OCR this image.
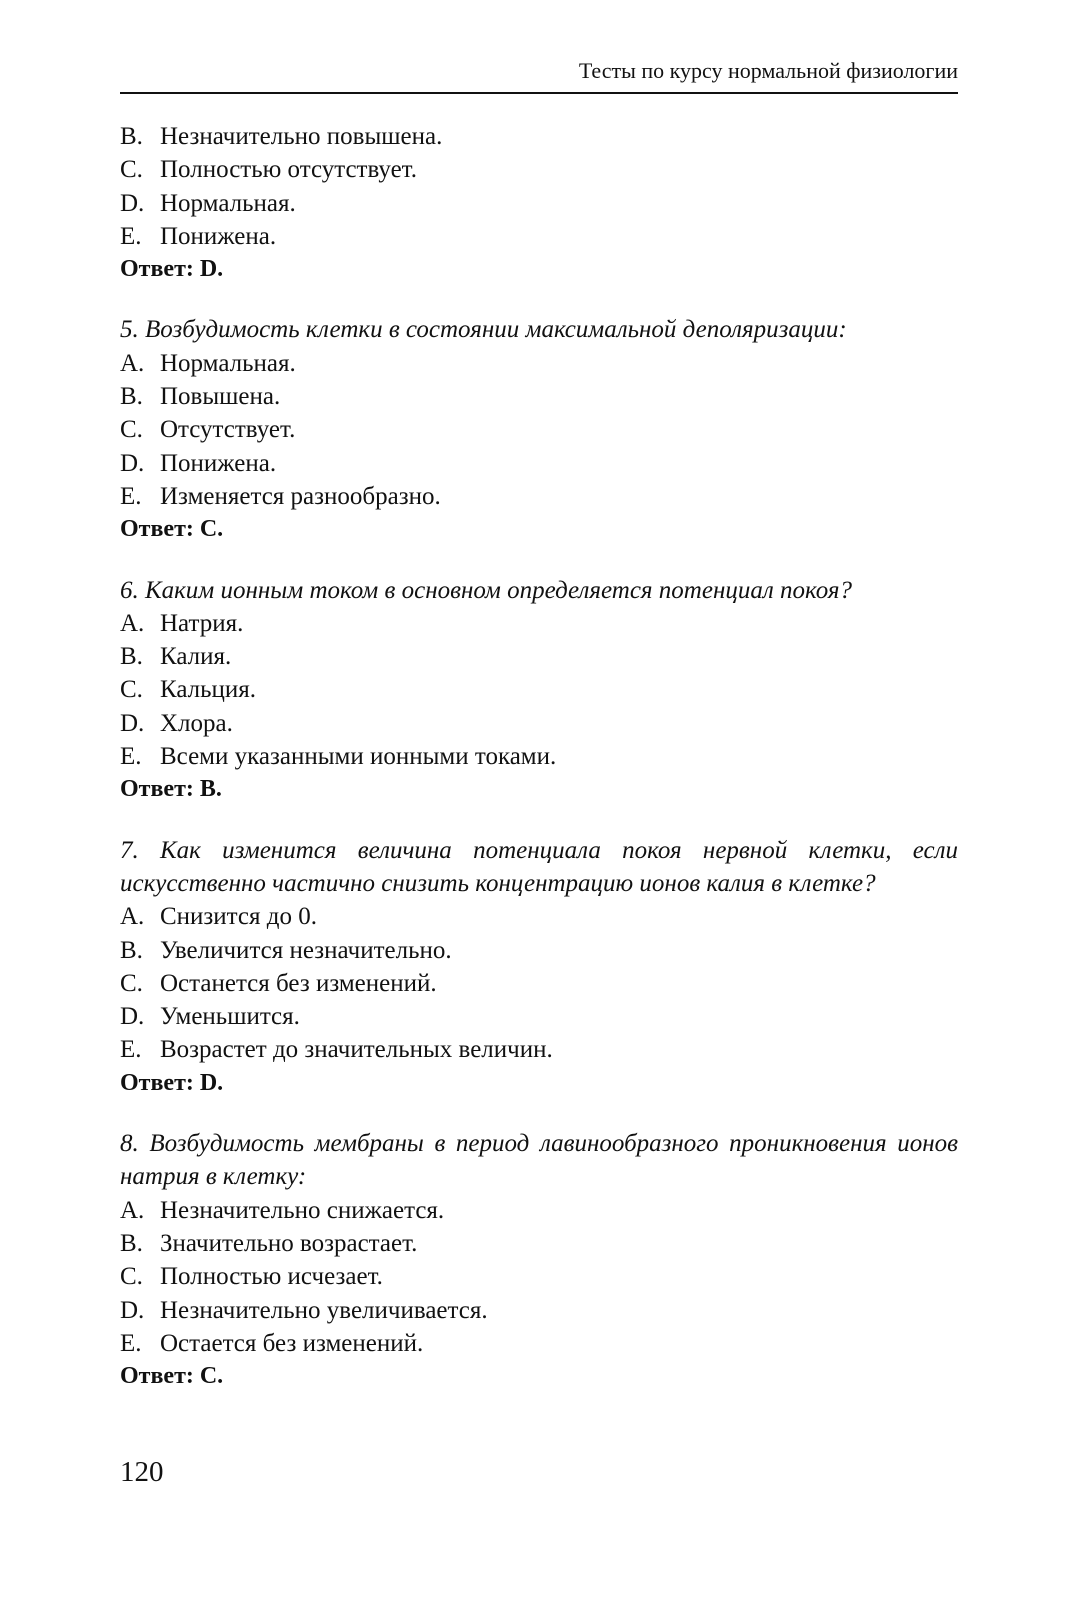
Тесты по курсу нормальной физиологии
B. Незначительно повышена.
C. Полностью отсутствует.
D. Нормальная.
E. Понижена.
Ответ: D.
5. Возбудимость клетки в состоянии максимальной деполяризации:
A. Нормальная.
B. Повышена.
C. Отсутствует.
D. Понижена.
E. Изменяется разнообразно.
Ответ: С.
6. Каким ионным током в основном определяется потенциал покоя?
A. Натрия.
B. Калия.
C. Кальция.
D. Хлора.
E. Всеми указанными ионными токами.
Ответ: В.
7. Как изменится величина потенциала покоя нервной клетки, если искусственно частично снизить концентрацию ионов калия в клетке?
A. Снизится до 0.
B. Увеличится незначительно.
C. Останется без изменений.
D. Уменьшится.
E. Возрастет до значительных величин.
Ответ: D.
8. Возбудимость мембраны в период лавинообразного проникновения ионов натрия в клетку:
A. Незначительно снижается.
B. Значительно возрастает.
C. Полностью исчезает.
D. Незначительно увеличивается.
E. Остается без изменений.
Ответ: С.
120
